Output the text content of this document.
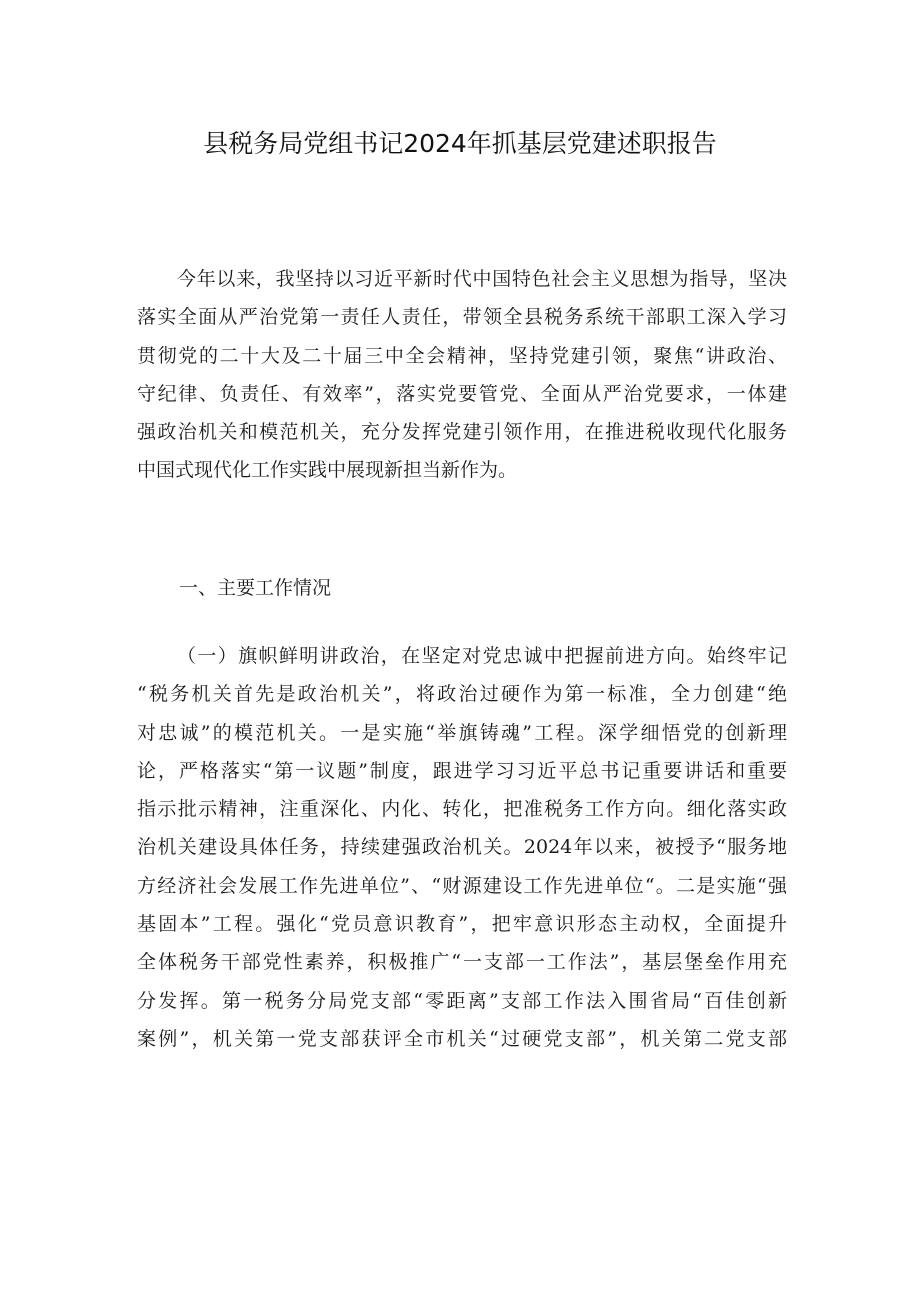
县税务局党组书记2024年抓基层党建述职报告
今年以来，我坚持以习近平新时代中国特色社会主义思想为指导，坚决
落实全面从严治党第一责任人责任，带领全县税务系统干部职工深入学习
贯彻党的二十大及二十届三中全会精神，坚持党建引领，聚焦“讲政治、
守纪律、负责任、有效率”，落实党要管党、全面从严治党要求，一体建
强政治机关和模范机关，充分发挥党建引领作用，在推进税收现代化服务
中国式现代化工作实践中展现新担当新作为。
一、主要工作情况
（一）旗帜鲜明讲政治，在坚定对党忠诚中把握前进方向。始终牢记
“税务机关首先是政治机关”，将政治过硬作为第一标准，全力创建“绝
对忠诚”的模范机关。一是实施“举旗铸魂”工程。深学细悟党的创新理
论，严格落实“第一议题”制度，跟进学习习近平总书记重要讲话和重要
指示批示精神，注重深化、内化、转化，把准税务工作方向。细化落实政
治机关建设具体任务，持续建强政治机关。2024年以来，被授予“服务地
方经济社会发展工作先进单位”、“财源建设工作先进单位“。二是实施“强
基固本”工程。强化“党员意识教育”，把牢意识形态主动权，全面提升
全体税务干部党性素养，积极推广“一支部一工作法”，基层堡垒作用充
分发挥。第一税务分局党支部“零距离”支部工作法入围省局“百佳创新
案例”，机关第一党支部获评全市机关“过硬党支部”，机关第二党支部
